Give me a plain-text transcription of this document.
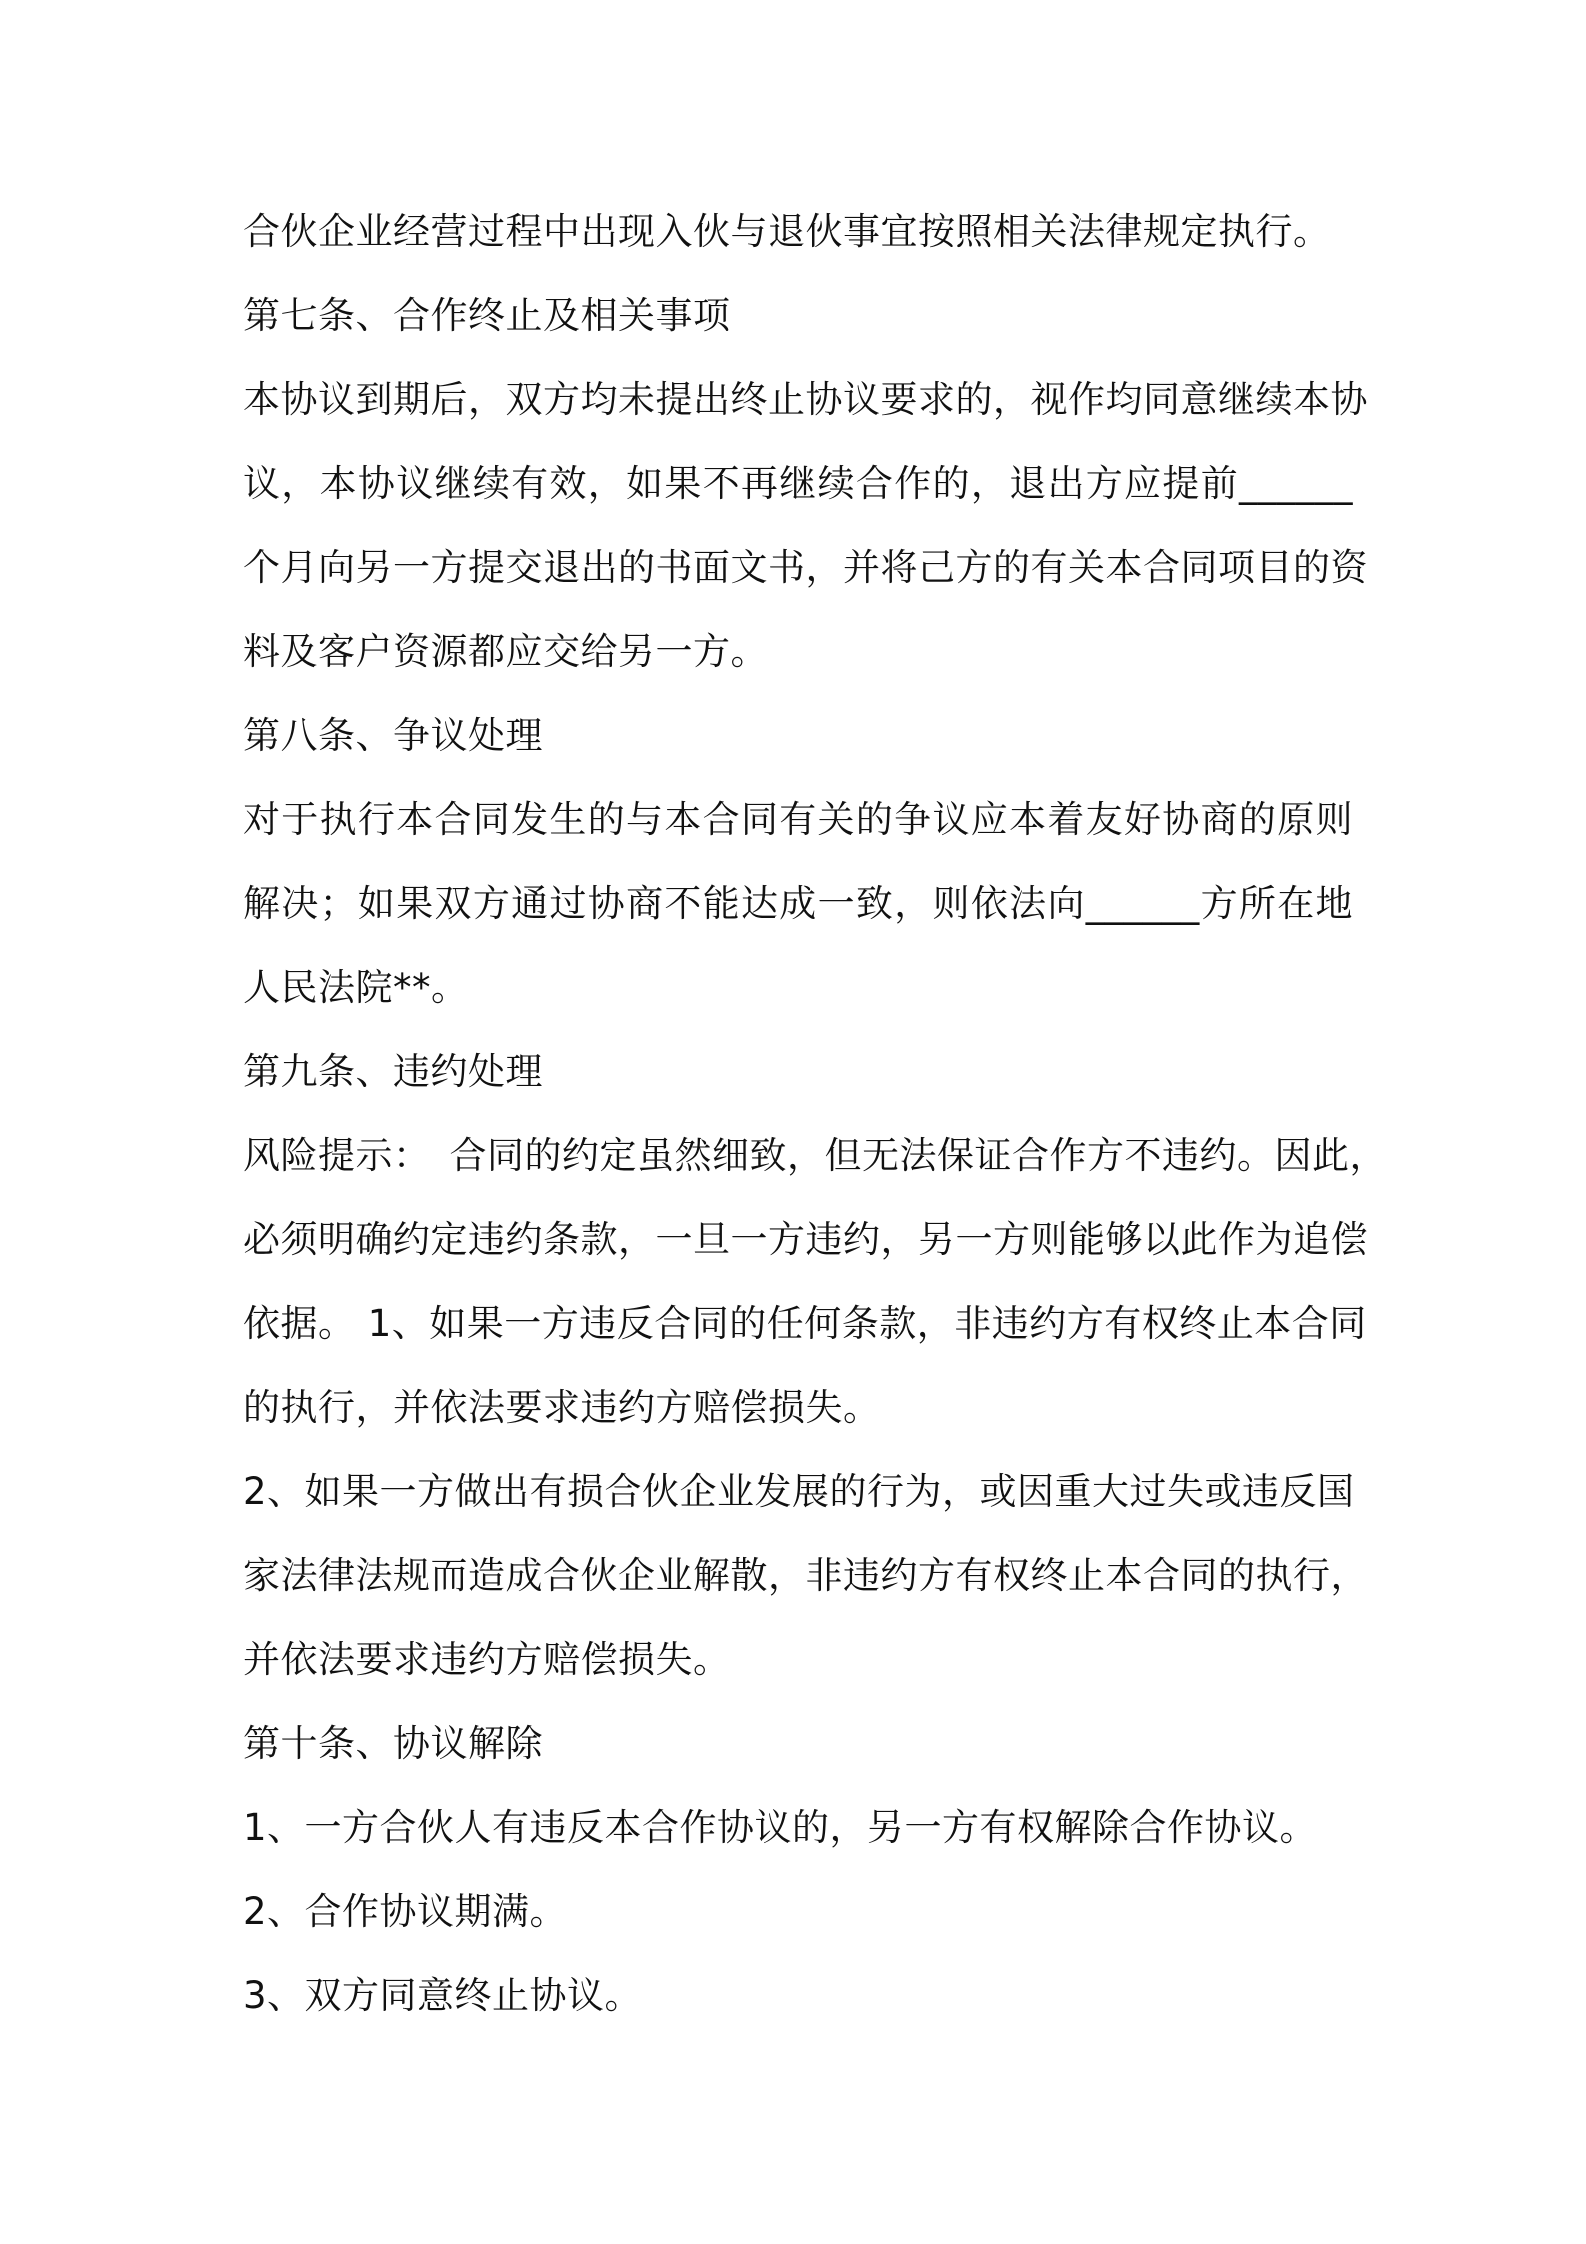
合伙企业经营过程中出现入伙与退伙事宜按照相关法律规定执行。
第七条、合作终止及相关事项
本协议到期后，双方均未提出终止协议要求的，视作均同意继续本协
议，本协议继续有效，如果不再继续合作的，退出方应提前______
个月向另一方提交退出的书面文书，并将己方的有关本合同项目的资
料及客户资源都应交给另一方。
第八条、争议处理
对于执行本合同发生的与本合同有关的争议应本着友好协商的原则
解决；如果双方通过协商不能达成一致，则依法向______方所在地
人民法院**。
第九条、违约处理
风险提示：　合同的约定虽然细致，但无法保证合作方不违约。因此，
必须明确约定违约条款，一旦一方违约，另一方则能够以此作为追偿
依据。 1、如果一方违反合同的任何条款，非违约方有权终止本合同
的执行，并依法要求违约方赔偿损失。
2、如果一方做出有损合伙企业发展的行为，或因重大过失或违反国
家法律法规而造成合伙企业解散，非违约方有权终止本合同的执行，
并依法要求违约方赔偿损失。
第十条、协议解除
1、一方合伙人有违反本合作协议的，另一方有权解除合作协议。
2、合作协议期满。
3、双方同意终止协议。
